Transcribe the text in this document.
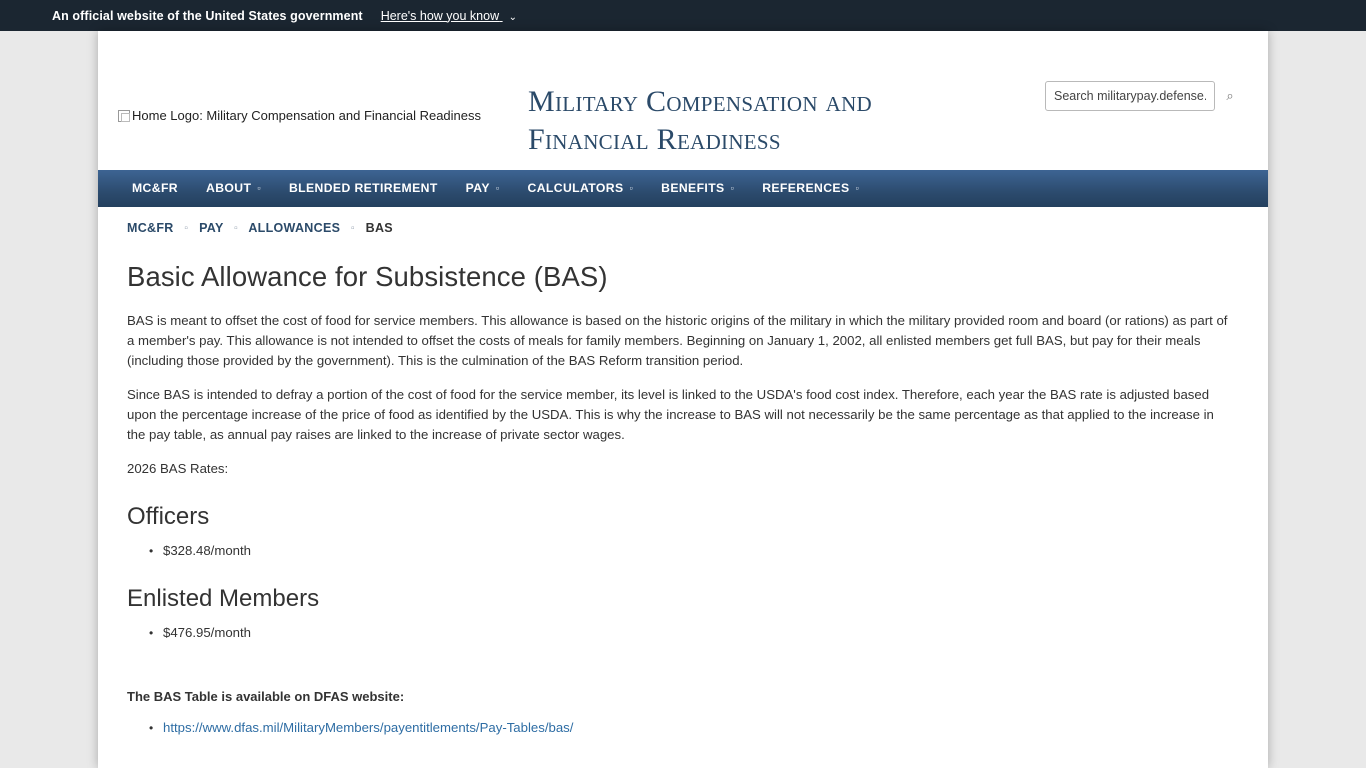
An official website of the United States government Here's how you know ⌄
Home Logo: Military Compensation and Financial Readiness Military Compensation and Financial Readiness
Search militarypay.defense.gov
⌕
MC&FR	ABOUT ▫	BLENDED RETIREMENT	PAY ▫	CALCULATORS ▫	BENEFITS ▫	REFERENCES ▫
MC&FR ▫ PAY ▫ ALLOWANCES ▫ BAS
Basic Allowance for Subsistence (BAS)

BAS is meant to offset the cost of food for service members. This allowance is based on the historic origins of the military in which the military provided room and board (or rations) as part of a member's pay. This allowance is not intended to offset the costs of meals for family members. Beginning on January 1, 2002, all enlisted members get full BAS, but pay for their meals (including those provided by the government). This is the culmination of the BAS Reform transition period.

Since BAS is intended to defray a portion of the cost of food for the service member, its level is linked to the USDA's food cost index. Therefore, each year the BAS rate is adjusted based upon the percentage increase of the price of food as identified by the USDA. This is why the increase to BAS will not necessarily be the same percentage as that applied to the increase in the pay table, as annual pay raises are linked to the increase of private sector wages.

2026 BAS Rates:

Officers
• $328.48/month
Enlisted Members
• $476.95/month

The BAS Table is available on DFAS website:

• https://www.dfas.mil/MilitaryMembers/payentitlements/Pay-Tables/bas/
